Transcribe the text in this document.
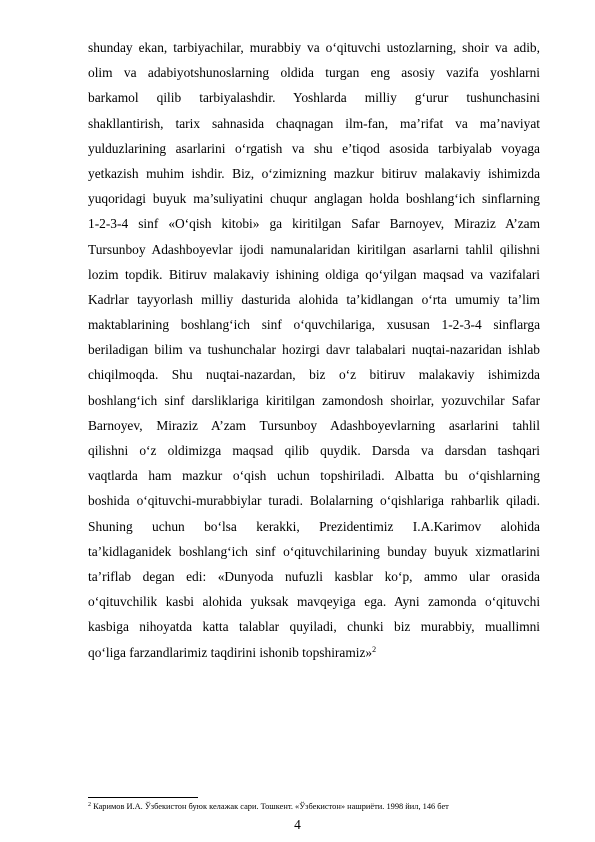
shunday ekan, tarbiyachilar, murabbiy va oʻqituvchi ustozlarning, shoir va adib,
olim va adabiyotshunoslarning oldida turgan eng asosiy vazifa yoshlarni
barkamol qilib tarbiyalashdir. Yoshlarda milliy g‘urur tushunchasini
shakllantirish, tarix sahnasida chaqnagan ilm-fan, ma’rifat va ma’naviyat
yulduzlarining asarlarini oʻrgatish va shu e’tiqod asosida tarbiyalab voyaga
yetkazish muhim ishdir. Biz, oʻzimizning mazkur bitiruv malakaviy ishimizda
yuqoridagi buyuk ma’suliyatini chuqur anglagan holda boshlangʻich sinflarning
1-2-3-4 sinf «Oʻqish kitobi» ga kiritilgan Safar Barnoyev, Miraziz A’zam
Tursunboy Adashboyevlar ijodi namunalaridan kiritilgan asarlarni tahlil qilishni
lozim topdik. Bitiruv malakaviy ishining oldiga qoʻyilgan maqsad va vazifalari
Kadrlar tayyorlash milliy dasturida alohida ta’kidlangan oʻrta umumiy ta’lim
maktablarining boshlangʻich sinf oʻquvchilariga, xususan 1-2-3-4 sinflarga
beriladigan bilim va tushunchalar hozirgi davr talabalari nuqtai-nazaridan ishlab
chiqilmoqda. Shu nuqtai-nazardan, biz oʻz bitiruv malakaviy ishimizda
boshlangʻich sinf darsliklariga kiritilgan zamondosh shoirlar, yozuvchilar Safar
Barnoyev, Miraziz A’zam Tursunboy Adashboyevlarning asarlarini tahlil
qilishni oʻz oldimizga maqsad qilib quydik. Darsda va darsdan tashqari
vaqtlarda ham mazkur oʻqish uchun topshiriladi. Albatta bu oʻqishlarning
boshida oʻqituvchi-murabbiylar turadi. Bolalarning oʻqishlariga rahbarlik qiladi.
Shuning uchun bo‘lsa kerakki, Prezidentimiz I.A.Karimov alohida
ta’kidlaganidek boshlangʻich sinf oʻqituvchilarining bunday buyuk xizmatlarini
ta’riflab degan edi: «Dunyoda nufuzli kasblar koʻp, ammo ular orasida
oʻqituvchilik kasbi alohida yuksak mavqeyiga ega. Ayni zamonda oʻqituvchi
kasbiga nihoyatda katta talablar quyiladi, chunki biz murabbiy, muallimni
qoʻliga farzandlarimiz taqdirini ishonib topshiramiz»$^2$
$^2$ Каримов И.А. Ўзбекистон буюк келажак сари. Тошкент. «Ўзбекистон» нашриёти. 1998 йил, 146 бет
4
